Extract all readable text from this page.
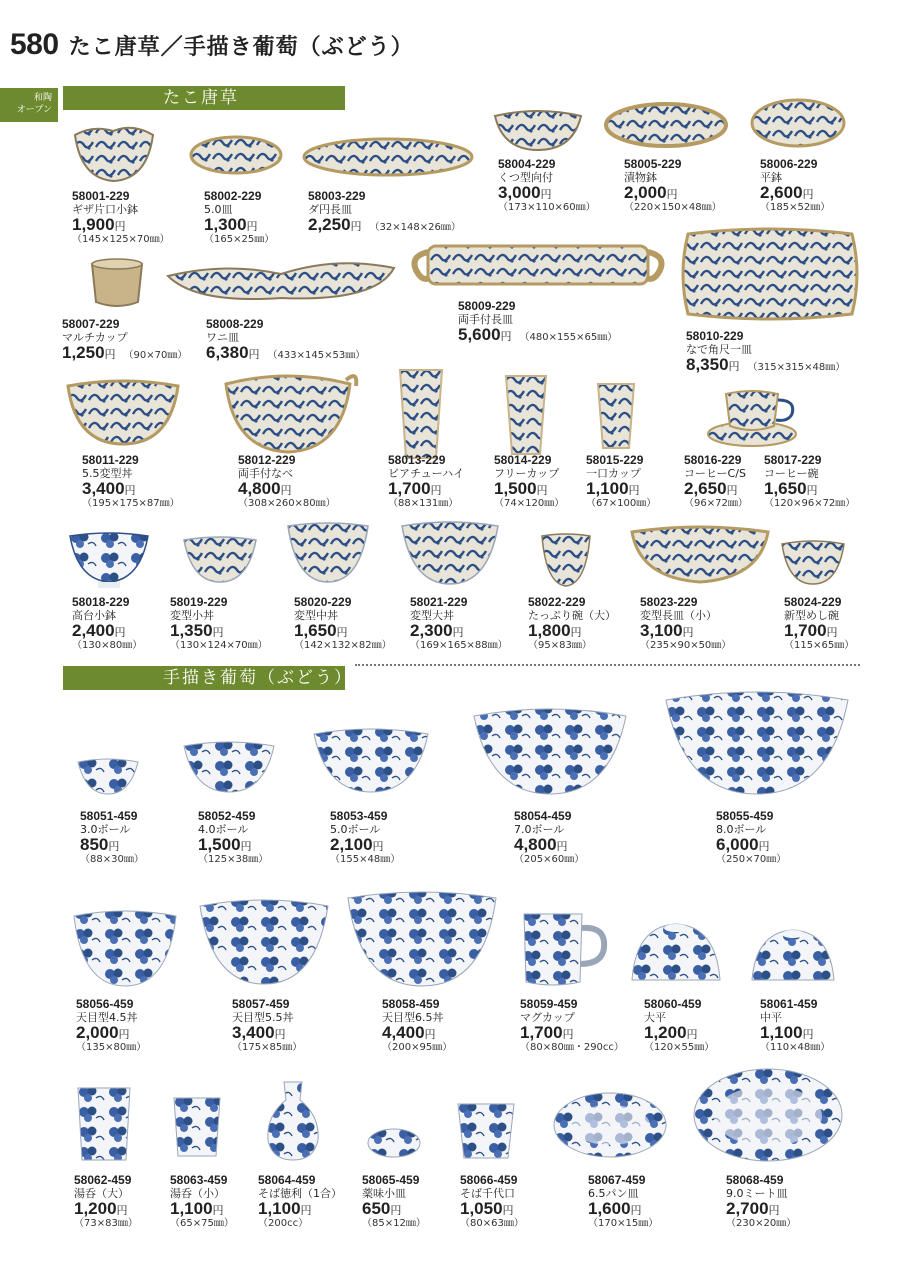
580 たこ唐草／手描き葡萄（ぶどう）
和陶
オープン
たこ唐草
手描き葡萄（ぶどう）
58001-229
ギザ片口小鉢
1,900円
（145×125×70㎜）
58002-229
5.0皿
1,300円
（165×25㎜）
58003-229
ダ円長皿
2,250円 （32×148×26㎜）
58004-229
くつ型向付
3,000円
（173×110×60㎜）
58005-229
漬物鉢
2,000円
（220×150×48㎜）
58006-229
平鉢
2,600円
（185×52㎜）
58007-229
マルチカップ
1,250円 （90×70㎜）
58008-229
ワニ皿
6,380円 （433×145×53㎜）
58009-229
両手付長皿
5,600円 （480×155×65㎜）	58010-229
なで角尺一皿
8,350円 （315×315×48㎜）
58011-229
5.5変型丼
3,400円
（195×175×87㎜）
58012-229
両手付なべ
4,800円
（308×260×80㎜）
58013-229
ビアチューハイ
1,700円
（88×131㎜）
58014-229
フリーカップ
1,500円
（74×120㎜）
58015-229
一口カップ
1,100円
（67×100㎜）
58016-229
コーヒーC/S
2,650円
（96×72㎜）
58017-229
コーヒー碗
1,650円
（120×96×72㎜）
58018-229
高台小鉢
2,400円
（130×80㎜）
58019-229
変型小丼
1,350円
（130×124×70㎜）
58020-229
変型中丼
1,650円
（142×132×82㎜）
58021-229
変型大丼
2,300円
（169×165×88㎜）
58022-229
たっぷり碗（大）
1,800円
（95×83㎜）
58023-229
変型長皿（小）
3,100円
（235×90×50㎜）
58024-229
新型めし碗
1,700円
（115×65㎜）
58051-459
3.0ボール
850円
（88×30㎜）
58052-459
4.0ボール
1,500円
（125×38㎜）
58053-459
5.0ボール
2,100円
（155×48㎜）
58054-459
7.0ボール
4,800円
（205×60㎜）
58055-459
8.0ボール
6,000円
（250×70㎜）
58056-459
天目型4.5丼
2,000円
（135×80㎜）
58057-459
天目型5.5丼
3,400円
（175×85㎜）
58058-459
天目型6.5丼
4,400円
（200×95㎜）
58059-459
マグカップ
1,700円
（80×80㎜・290cc）
58060-459
大平
1,200円
（120×55㎜）
58061-459
中平
1,100円
（110×48㎜）
58062-459
湯呑（大）
1,200円
（73×83㎜）
58063-459
湯呑（小）
1,100円
（65×75㎜）
58064-459
そば徳利（1合）
1,100円
（200cc）
58065-459
薬味小皿
650円
（85×12㎜）
58066-459
そば千代口
1,050円
（80×63㎜）
58067-459
6.5パン皿
1,600円
（170×15㎜）
58068-459
9.0ミート皿
2,700円
（230×20㎜）
